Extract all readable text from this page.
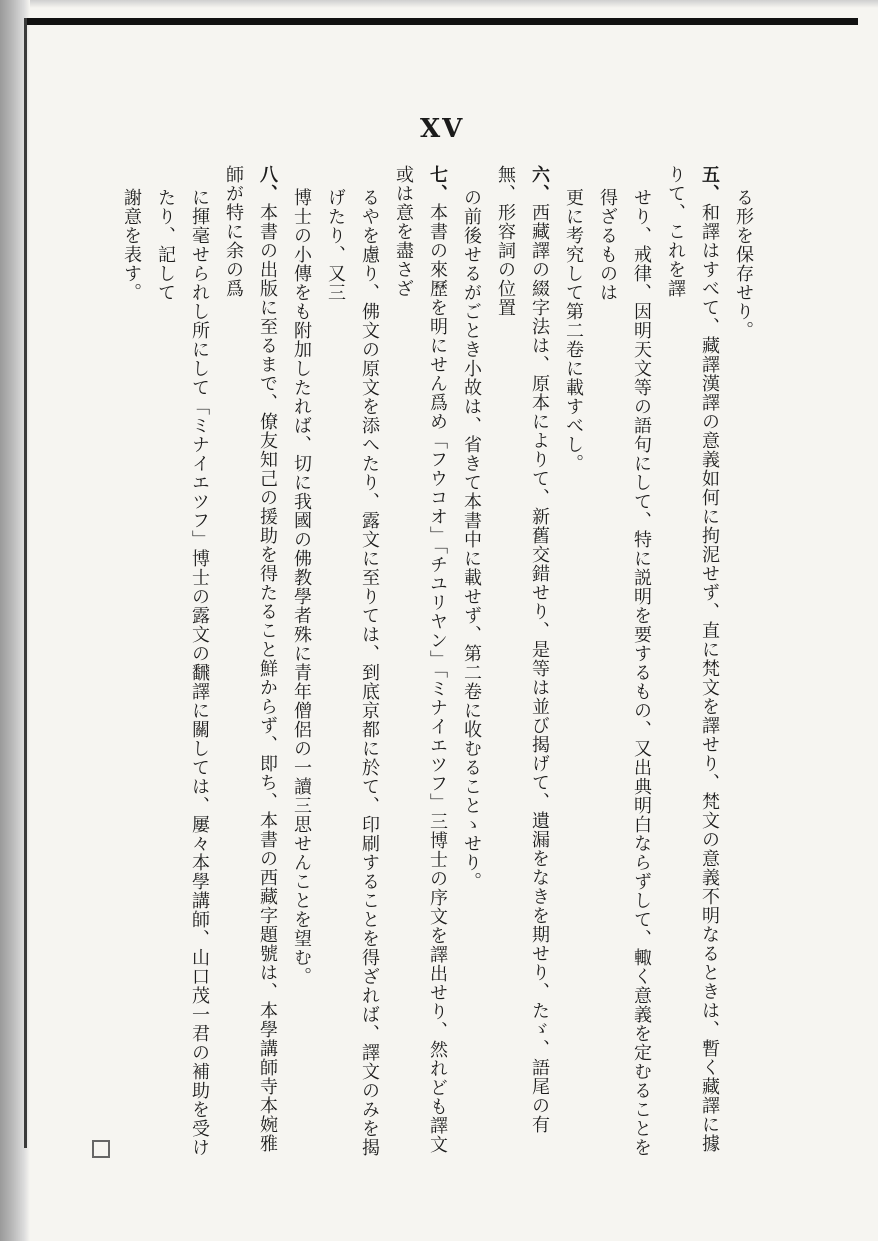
XV

る形を保存せり。

五、和譯はすべて、藏譯漢譯の意義如何に拘泥せず、直に梵文を譯せり、梵文の意義不明なるときは、暫く藏譯に據りて、これを譯

せり、戒律、因明天文等の語句にして、特に説明を要するもの、又出典明白ならずして、輙く意義を定むることを得ざるものは

更に考究して第二卷に載すべし。

六、西藏譯の綴字法は、原本によりて、新舊交錯せり、是等は並び揭げて、遺漏をなきを期せり、たゞ、語尾の有無、形容詞の位置

の前後せるがごとき小故は、省きて本書中に載せず、第二卷に收むることゝせり。

七、本書の來歷を明にせん爲め「フウコオ」「チユリヤン」「ミナイエツフ」三博士の序文を譯出せり、然れども譯文或は意を盡さざ

るやを慮り、佛文の原文を添へたり、露文に至りては、到底京都に於て、印刷することを得ざれば、譯文のみを揭げたり、又三

博士の小傳をも附加したれば、切に我國の佛教學者殊に青年僧侶の一讀三思せんことを望む。

八、本書の出版に至るまで、僚友知己の援助を得たること鮮からず、即ち、本書の西藏字題號は、本學講師寺本婉雅師が特に余の爲

に揮毫せられし所にして「ミナイエツフ」博士の露文の飜譯に關しては、屢々本學講師、山口茂一君の補助を受けたり、記して

謝意を表す。
